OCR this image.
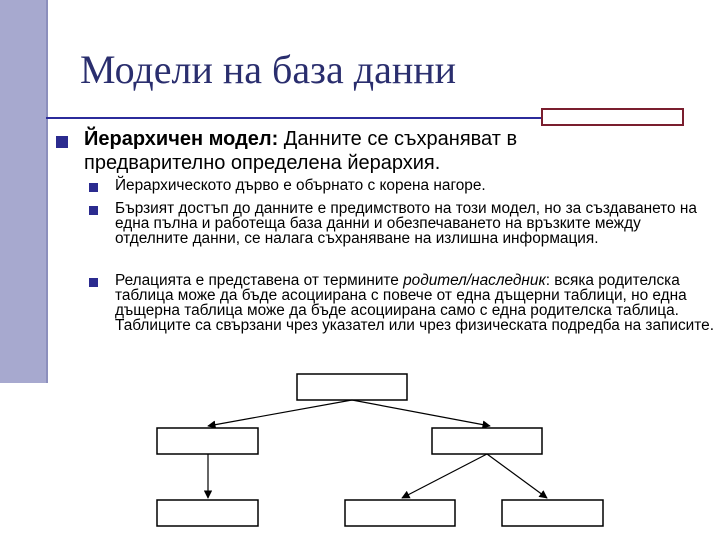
Модели на база данни
Йерархичен модел: Данните се съхраняват в предварително определена йерархия.
Йерархическото дърво е обърнато с корена нагоре.
Бързият достъп до данните е предимството на този модел, но за създаването на една пълна и работеща база данни и обезпечаването на връзките между отделните данни, се налага съхраняване на излишна информация.
Релацията е представена от термините родител/наследник: всяка родителска таблица може да бъде асоциирана с повече от една дъщерни таблици, но една дъщерна таблица може да бъде асоциирана само с една родителска таблица. Таблиците са свързани чрез указател или чрез физическата подредба на записите.
